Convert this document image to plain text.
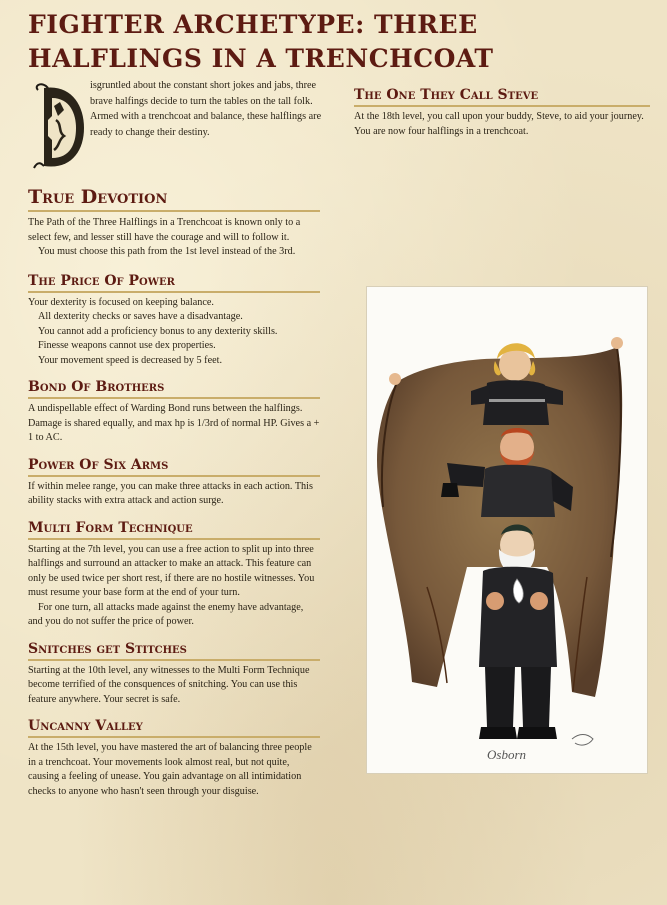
FIGHTER ARCHETYPE: THREE HALFLINGS IN A TRENCHCOAT
isgruntled about the constant short jokes and jabs, three brave halfings decide to turn the tables on the tall folk. Armed with a trenchcoat and balance, these halflings are ready to change their destiny.
True Devotion

The Path of the Three Halflings in a Trenchcoat is known only to a select few, and lesser still have the courage and will to follow it.

You must choose this path from the 1st level instead of the 3rd.

The Price Of Power

Your dexterity is focused on keeping balance.

All dexterity checks or saves have a disadvantage.

You cannot add a proficiency bonus to any dexterity skills.

Finesse weapons cannot use dex properties.

Your movement speed is decreased by 5 feet.

Bond Of Brothers

A undispellable effect of Warding Bond runs between the halflings. Damage is shared equally, and max hp is 1/3rd of normal HP. Gives a + 1 to AC.

Power Of Six Arms

If within melee range, you can make three attacks in each action. This ability stacks with extra attack and action surge.

Multi Form Technique

Starting at the 7th level, you can use a free action to split up into three halflings and surround an attacker to make an attack. This feature can only be used twice per short rest, if there are no hostile witnesses. You must resume your base form at the end of your turn.

For one turn, all attacks made against the enemy have advantage, and you do not suffer the price of power.

Snitches get Stitches

Starting at the 10th level, any witnesses to the Multi Form Technique become terrified of the consquences of snitching. You can use this feature anywhere. Your secret is safe.

Uncanny Valley

At the 15th level, you have mastered the art of balancing three people in a trenchcoat. Your movements look almost real, but not quite, causing a feeling of unease. You gain advantage on all intimidation checks to anyone who hasn't seen through your disguise.

The One They Call Steve

At the 18th level, you call upon your buddy, Steve, to aid your journey. You are now four halflings in a trenchcoat.

Osborn
